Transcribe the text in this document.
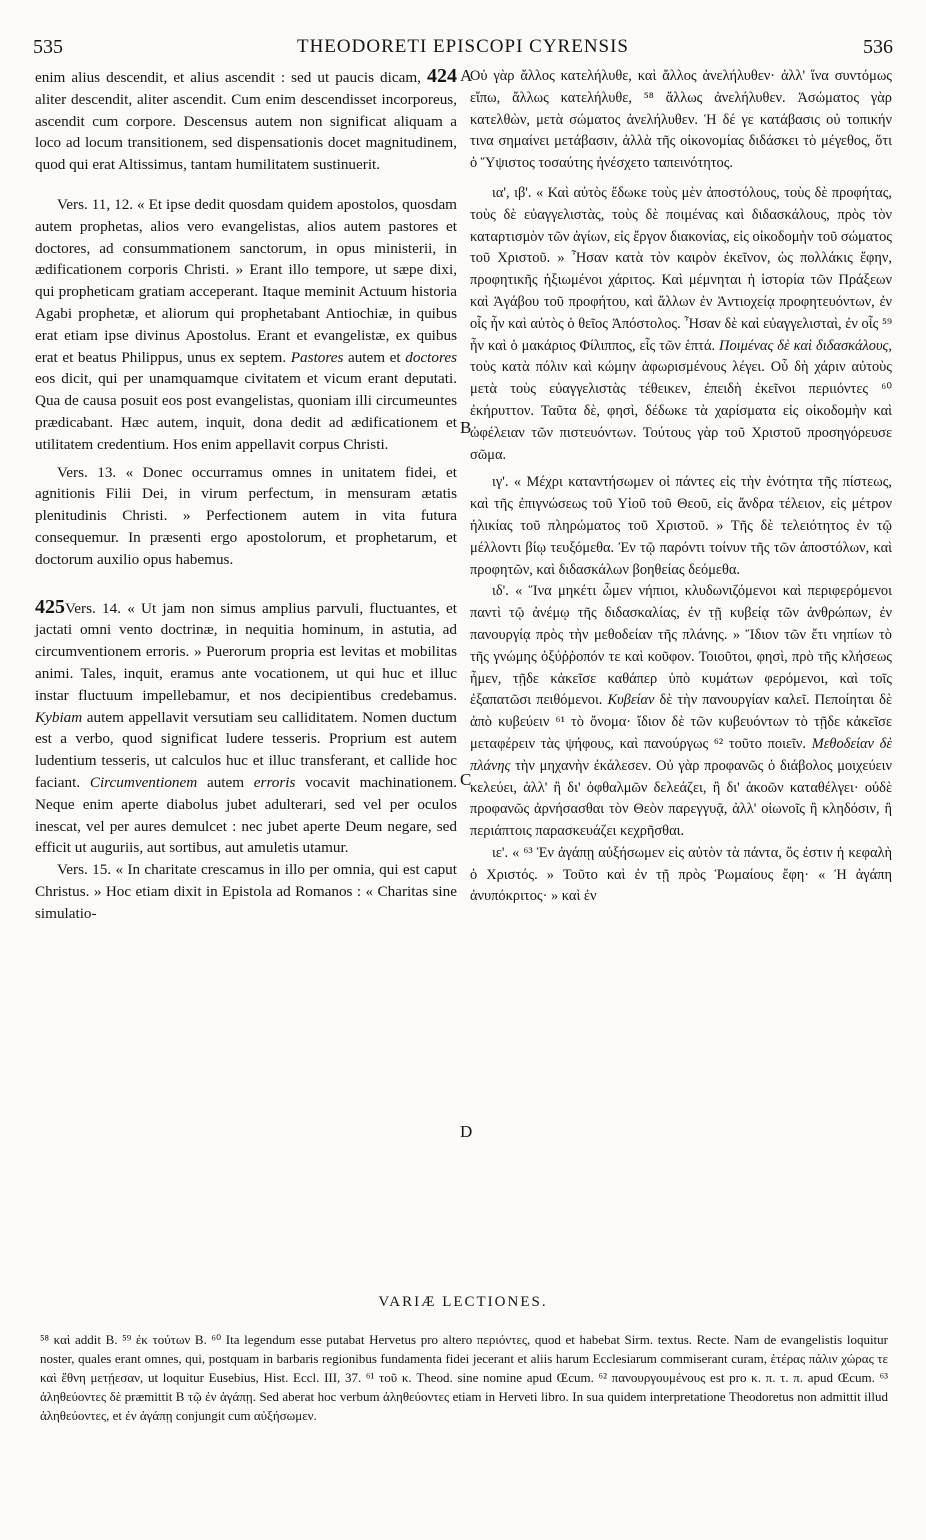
535	THEODORETI EPISCOPI CYRENSIS	536

enim alius descendit, et alius ascendit : sed ut paucis dicam, 424 aliter descendit, aliter ascendit. Cum enim descendisset incorporeus, ascendit cum corpore. Descensus autem non significat aliquam a loco ad locum transitionem, sed dispensationis docet magnitudinem, quod qui erat Altissimus, tantam humilitatem sustinuerit.

Vers. 11, 12. « Et ipse dedit quosdam quidem apostolos, quosdam autem prophetas, alios vero evangelistas, alios autem pastores et doctores, ad consummationem sanctorum, in opus ministerii, in ædificationem corporis Christi. » Erant illo tempore, ut sæpe dixi, qui propheticam gratiam acceperant. Itaque meminit Actuum historia Agabi prophetæ, et aliorum qui prophetabant Antiochiæ, in quibus erat etiam ipse divinus Apostolus. Erant et evangelistæ, ex quibus erat et beatus Philippus, unus ex septem. Pastores autem et doctores eos dicit, qui per unamquamque civitatem et vicum erant deputati. Qua de causa posuit eos post evangelistas, quoniam illi circumeuntes prædicabant. Hæc autem, inquit, dona dedit ad ædificationem et utilitatem credentium. Hos enim appellavit corpus Christi.

Vers. 13. « Donec occurramus omnes in unitatem fidei, et agnitionis Filii Dei, in virum perfectum, in mensuram ætatis plenitudinis Christi. » Perfectionem autem in vita futura consequemur. In præsenti ergo apostolorum, et prophetarum, et doctorum auxilio opus habemus.

425Vers. 14. « Ut jam non simus amplius parvuli, fluctuantes, et jactati omni vento doctrinæ, in nequitia hominum, in astutia, ad circumventionem erroris. » Puerorum propria est levitas et mobilitas animi. Tales, inquit, eramus ante vocationem, ut qui huc et illuc instar fluctuum impellebamur, et nos decipientibus credebamus. Kybiam autem appellavit versutiam seu calliditatem. Nomen ductum est a verbo, quod significat ludere tesseris. Proprium est autem ludentium tesseris, ut calculos huc et illuc transferant, et callide hoc faciant. Circumventionem autem erroris vocavit machinationem. Neque enim aperte diabolus jubet adulterari, sed vel per oculos inescat, vel per aures demulcet : nec jubet aperte Deum negare, sed efficit ut auguriis, aut sortibus, aut amuletis utamur.

Vers. 15. « In charitate crescamus in illo per omnia, qui est caput Christus. » Hoc etiam dixit in Epistola ad Romanos : « Charitas sine simulatio-

A
B
C
D

Οὐ γὰρ ἄλλος κατελήλυθε, καὶ ἄλλος ἀνελήλυθεν· ἀλλ' ἵνα συντόμως εἴπω, ἄλλως κατελήλυθε, ⁵⁸ ἄλλως ἀνελήλυθεν. Ἀσώματος γὰρ κατελθὼν, μετὰ σώματος ἀνελήλυθεν. Ἡ δέ γε κατάβασις οὐ τοπικήν τινα σημαίνει μετάβασιν, ἀλλὰ τῆς οἰκονομίας διδάσκει τὸ μέγεθος, ὅτι ὁ Ὕψιστος τοσαύτης ἠνέσχετο ταπεινότητος.

ια', ιβ'. « Καὶ αὐτὸς ἔδωκε τοὺς μὲν ἀποστόλους, τοὺς δὲ προφήτας, τοὺς δὲ εὐαγγελιστὰς, τοὺς δὲ ποιμένας καὶ διδασκάλους, πρὸς τὸν καταρτισμὸν τῶν ἁγίων, εἰς ἔργον διακονίας, εἰς οἰκοδομὴν τοῦ σώματος τοῦ Χριστοῦ. » Ἦσαν κατὰ τὸν καιρὸν ἐκεῖνον, ὡς πολλάκις ἔφην, προφητικῆς ἠξιωμένοι χάριτος. Καὶ μέμνηται ἡ ἱστορία τῶν Πράξεων καὶ Ἀγάβου τοῦ προφήτου, καὶ ἄλλων ἐν Ἀντιοχείᾳ προφητευόντων, ἐν οἷς ἦν καὶ αὐτὸς ὁ θεῖος Ἀπόστολος. Ἦσαν δὲ καὶ εὐαγγελισταὶ, ἐν οἷς ⁵⁹ ἦν καὶ ὁ μακάριος Φίλιππος, εἷς τῶν ἑπτά. Ποιμένας δὲ καὶ διδασκάλους, τοὺς κατὰ πόλιν καὶ κώμην ἀφωρισμένους λέγει. Οὗ δὴ χάριν αὐτοὺς μετὰ τοὺς εὐαγγελιστὰς τέθεικεν, ἐπειδὴ ἐκεῖνοι περιιόντες ⁶⁰ ἐκήρυττον. Ταῦτα δὲ, φησὶ, δέδωκε τὰ χαρίσματα εἰς οἰκοδομὴν καὶ ὠφέλειαν τῶν πιστευόντων. Τούτους γὰρ τοῦ Χριστοῦ προσηγόρευσε σῶμα.

ιγ'. « Μέχρι καταντήσωμεν οἱ πάντες εἰς τὴν ἑνότητα τῆς πίστεως, καὶ τῆς ἐπιγνώσεως τοῦ Υἱοῦ τοῦ Θεοῦ, εἰς ἄνδρα τέλειον, εἰς μέτρον ἡλικίας τοῦ πληρώματος τοῦ Χριστοῦ. » Τῆς δὲ τελειότητος ἐν τῷ μέλλοντι βίῳ τευξόμεθα. Ἐν τῷ παρόντι τοίνυν τῆς τῶν ἀποστόλων, καὶ προφητῶν, καὶ διδασκάλων βοηθείας δεόμεθα.

ιδ'. « Ἵνα μηκέτι ὦμεν νήπιοι, κλυδωνιζόμενοι καὶ περιφερόμενοι παντὶ τῷ ἀνέμῳ τῆς διδασκαλίας, ἐν τῇ κυβείᾳ τῶν ἀνθρώπων, ἐν πανουργίᾳ πρὸς τὴν μεθοδείαν τῆς πλάνης. » Ἴδιον τῶν ἔτι νηπίων τὸ τῆς γνώμης ὀξύῤῥοπόν τε καὶ κοῦφον. Τοιοῦτοι, φησὶ, πρὸ τῆς κλήσεως ἦμεν, τῇδε κἀκεῖσε καθάπερ ὑπὸ κυμάτων φερόμενοι, καὶ τοῖς ἐξαπατῶσι πειθόμενοι. Κυβείαν δὲ τὴν πανουργίαν καλεῖ. Πεποίηται δὲ ἀπὸ κυβεύειν ⁶¹ τὸ ὄνομα· ἴδιον δὲ τῶν κυβευόντων τὸ τῇδε κἀκεῖσε μεταφέρειν τὰς ψήφους, καὶ πανούργως ⁶² τοῦτο ποιεῖν. Μεθοδείαν δὲ πλάνης τὴν μηχανὴν ἐκάλεσεν. Οὐ γὰρ προφανῶς ὁ διάβολος μοιχεύειν κελεύει, ἀλλ' ἢ δι' ὀφθαλμῶν δελεάζει, ἢ δι' ἀκοῶν καταθέλγει· οὐδὲ προφανῶς ἀρνήσασθαι τὸν Θεὸν παρεγγυᾷ, ἀλλ' οἰωνοῖς ἢ κληδόσιν, ἢ περιάπτοις παρασκευάζει κεχρῆσθαι.

ιε'. « ⁶³ Ἐν ἀγάπῃ αὐξήσωμεν εἰς αὐτὸν τὰ πάντα, ὅς ἐστιν ἡ κεφαλὴ ὁ Χριστός. » Τοῦτο καὶ ἐν τῇ πρὸς Ῥωμαίους ἔφη· « Ἡ ἀγάπη ἀνυπόκριτος· » καὶ ἐν

VARIÆ LECTIONES.

⁵⁸ καὶ addit B. ⁵⁹ ἐκ τούτων B. ⁶⁰ Ita legendum esse putabat Hervetus pro altero περιόντες, quod et habebat Sirm. textus. Recte. Nam de evangelistis loquitur noster, quales erant omnes, qui, postquam in barbaris regionibus fundamenta fidei jecerant et aliis harum Ecclesiarum commiserant curam, ἑτέρας πάλιν χώρας τε καὶ ἔθνη μετῄεσαν, ut loquitur Eusebius, Hist. Eccl. III, 37. ⁶¹ τοῦ κ. Theod. sine nomine apud Œcum. ⁶² πανουργουμένους est pro κ. π. τ. π. apud Œcum. ⁶³ ἀληθεύοντες δὲ præmittit B τῷ ἐν ἀγάπῃ. Sed aberat hoc verbum ἀληθεύοντες etiam in Herveti libro. In sua quidem interpretatione Theodoretus non admittit illud ἀληθεύοντες, et ἐν ἀγάπῃ conjungit cum αὐξήσωμεν.
